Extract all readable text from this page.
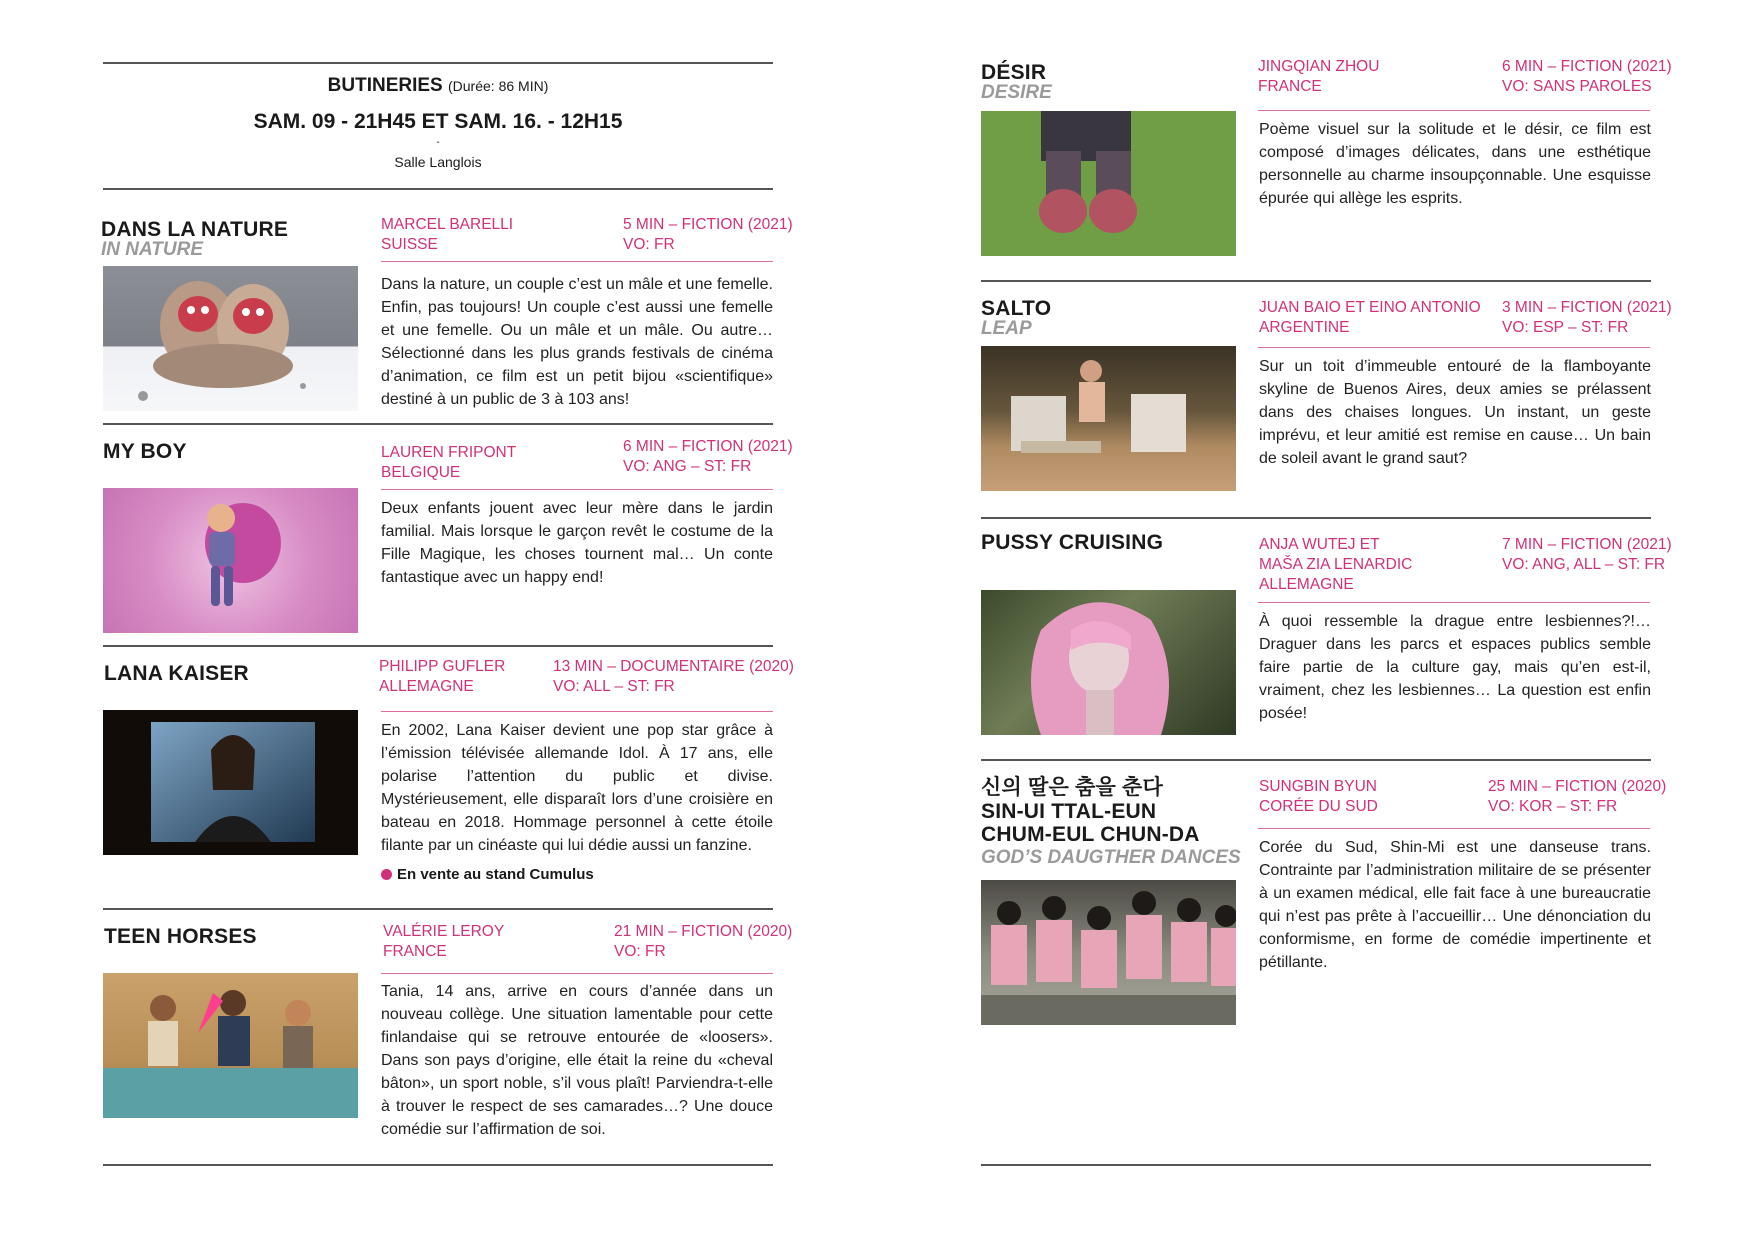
BUTINERIES (Durée: 86 MIN)
SAM. 09 - 21H45 ET SAM. 16. - 12H15
-
Salle Langlois
DANS LA NATURE
IN NATURE
MARCEL BARELLI
SUISSE
5 MIN – FICTION (2021)
VO: FR
Dans la nature, un couple c’est un mâle et une femelle. Enfin, pas toujours! Un couple c’est aussi une femelle et une femelle. Ou un mâle et un mâle. Ou autre… Sélectionné dans les plus grands festivals de cinéma d’animation, ce film est un petit bijou «scientifique» destiné à un public de 3 à 103 ans!
MY BOY	LAUREN FRIPONT
BELGIQUE
6 MIN – FICTION (2021)
VO: ANG – ST: FR
Deux enfants jouent avec leur mère dans le jardin familial. Mais lorsque le garçon revêt le costume de la Fille Magique, les choses tournent mal… Un conte fantastique avec un happy end!
LANA KAISER	PHILIPP GUFLER
ALLEMAGNE
13 MIN – DOCUMENTAIRE (2020)
VO: ALL – ST: FR
En 2002, Lana Kaiser devient une pop star grâce à l’émission télévisée allemande Idol. À 17 ans, elle polarise l’attention du public et divise. Mystérieusement, elle disparaît lors d’une croisière en bateau en 2018. Hommage personnel à cette étoile filante par un cinéaste qui lui dédie aussi un fanzine.
En vente au stand Cumulus
TEEN HORSES	VALÉRIE LEROY
FRANCE
21 MIN – FICTION (2020)
VO: FR
Tania, 14 ans, arrive en cours d’année dans un nouveau collège. Une situation lamentable pour cette finlandaise qui se retrouve entourée de «loosers». Dans son pays d’origine, elle était la reine du «cheval bâton», un sport noble, s’il vous plaît! Parviendra-t-elle à trouver le respect de ses camarades…? Une douce comédie sur l’affirmation de soi.
DÉSIR
DESIRE
JINGQIAN ZHOU
FRANCE
6 MIN – FICTION (2021)
VO: SANS PAROLES
Poème visuel sur la solitude et le désir, ce film est composé d’images délicates, dans une esthétique personnelle au charme insoupçonnable. Une esquisse épurée qui allège les esprits.
SALTO
LEAP
JUAN BAIO ET EINO ANTONIO
ARGENTINE
3 MIN – FICTION (2021)
VO: ESP – ST: FR
Sur un toit d’immeuble entouré de la flamboyante skyline de Buenos Aires, deux amies se prélassent dans des chaises longues. Un instant, un geste imprévu, et leur amitié est remise en cause… Un bain de soleil avant le grand saut?
PUSSY CRUISING	ANJA WUTEJ ET
MAŠA ZIA LENARDIC
ALLEMAGNE
7 MIN – FICTION (2021)
VO: ANG, ALL – ST: FR
À quoi ressemble la drague entre lesbiennes?!… Draguer dans les parcs et espaces publics semble faire partie de la culture gay, mais qu’en est-il, vraiment, chez les lesbiennes… La question est enfin posée!
신의 딸은 춤을 춘다
SIN-UI TTAL-EUN
CHUM-EUL CHUN-DA
GOD’S DAUGTHER DANCES
SUNGBIN BYUN
CORÉE DU SUD
25 MIN – FICTION (2020)
VO: KOR – ST: FR
Corée du Sud, Shin-Mi est une danseuse trans. Contrainte par l’administration militaire de se présenter à un examen médical, elle fait face à une bureaucratie qui n’est pas prête à l’accueillir… Une dénonciation du conformisme, en forme de comédie impertinente et pétillante.
